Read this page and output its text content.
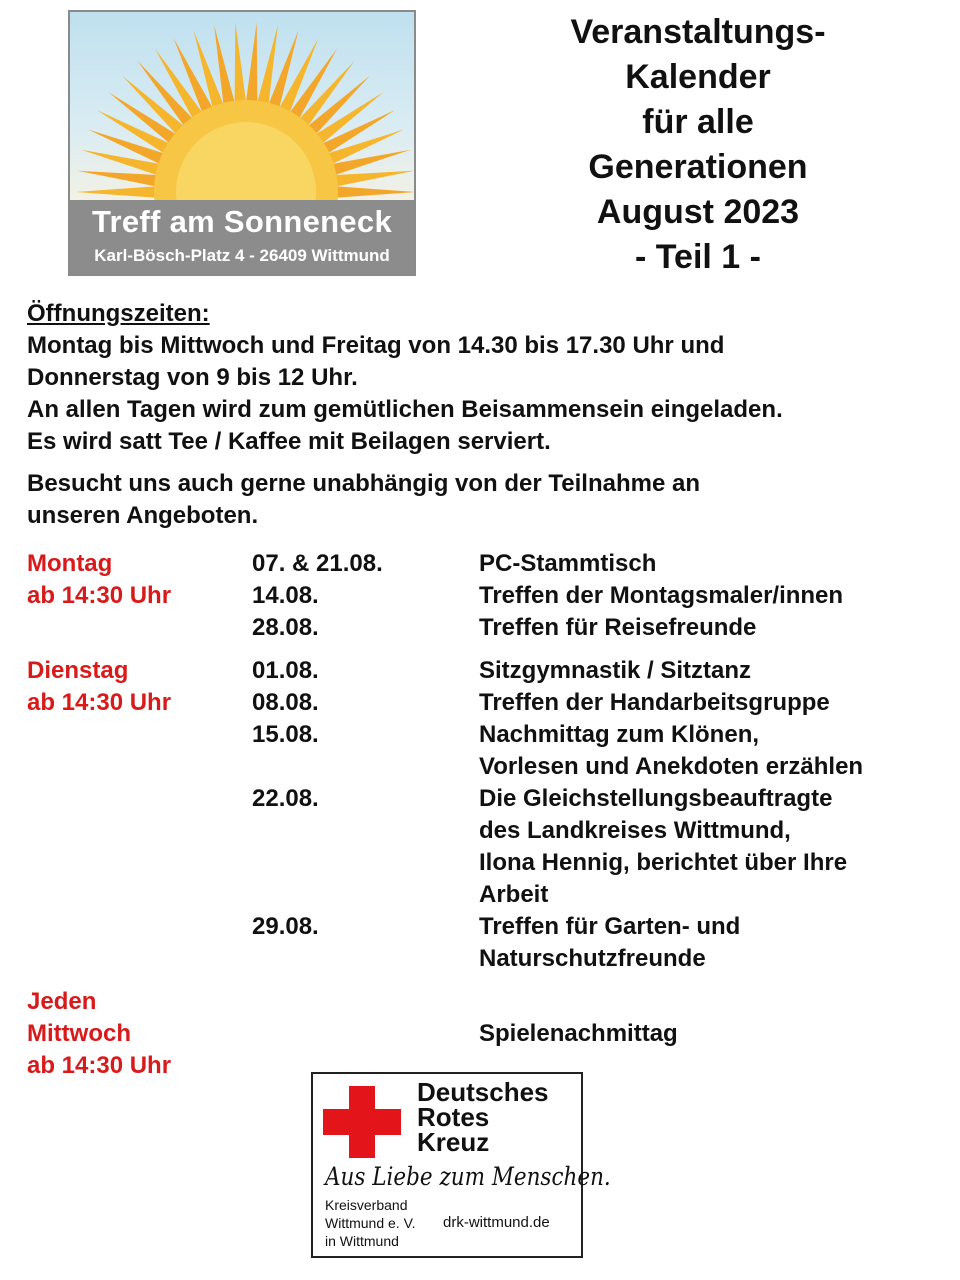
Treff am Sonneneck
Karl-Bösch-Platz 4 - 26409 Wittmund
Veranstaltungs-
Kalender
für alle
Generationen
August 2023
- Teil 1 -
Öffnungszeiten:
Montag bis Mittwoch und Freitag von 14.30 bis 17.30 Uhr und
Donnerstag von 9 bis 12 Uhr.
An allen Tagen wird zum gemütlichen Beisammensein eingeladen.
Es wird satt Tee / Kaffee mit Beilagen serviert.
Besucht uns auch gerne unabhängig von der Teilnahme an
unseren Angeboten.
Montag
ab 14:30 Uhr
07. & 21.08.	PC-Stammtisch
14.08.	Treffen der Montagsmaler/innen
28.08.	Treffen für Reisefreunde
Dienstag
ab 14:30 Uhr
01.08.	Sitzgymnastik / Sitztanz
08.08.	Treffen der Handarbeitsgruppe
15.08.	Nachmittag zum Klönen,
Vorlesen und Anekdoten erzählen
22.08.	Die Gleichstellungsbeauftragte
des Landkreises Wittmund,
Ilona Hennig, berichtet über Ihre
Arbeit
29.08.	Treffen für Garten- und
Naturschutzfreunde
Jeden
Mittwoch
ab 14:30 Uhr
Spielenachmittag
Deutsches
Rotes
Kreuz
Aus Liebe zum Menschen.
Kreisverband
Wittmund e. V.
in Wittmund
drk-wittmund.de
